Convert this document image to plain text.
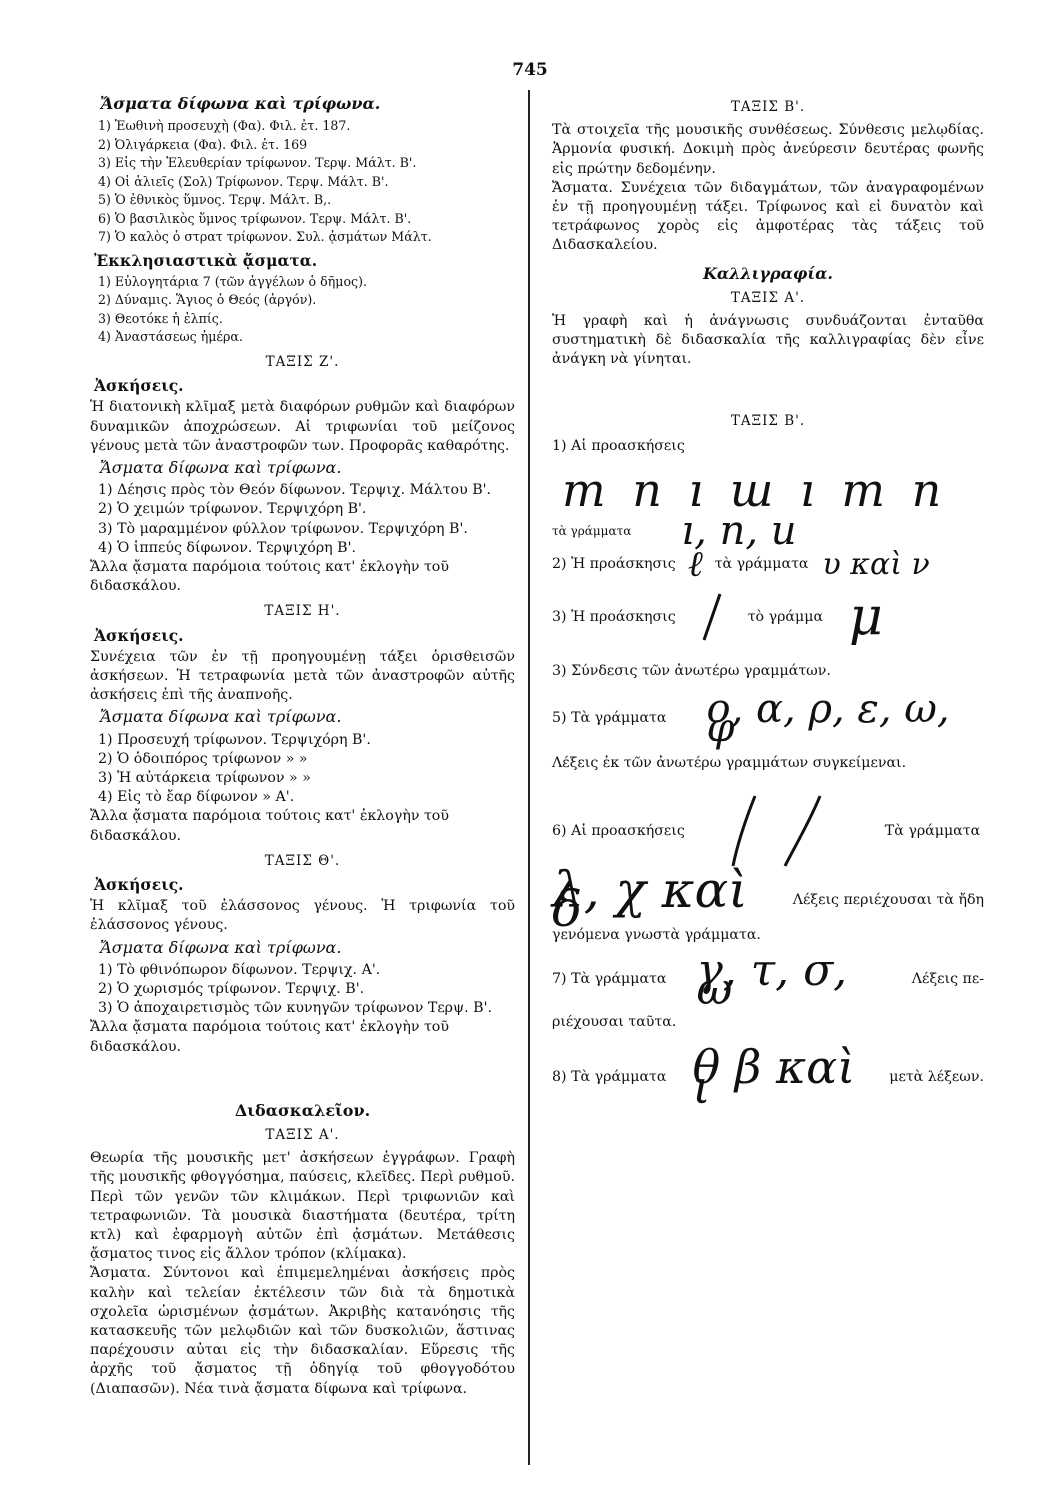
745
Ἄσματα δίφωνα καὶ τρίφωνα.
1) Ἑωθινὴ προσευχὴ (Φα). Φιλ. ἐτ. 187.
2) Ὀλιγάρκεια (Φα). Φιλ. ἐτ. 169
3) Εἰς τὴν Ἐλευθερίαν τρίφωνον. Τερψ. Μάλτ. Β'.
4) Οἱ ἁλιεῖς (Σολ) Τρίφωνον. Τερψ. Μάλτ. Β'.
5) Ὁ ἐθνικὸς ὕμνος. Τερψ. Μάλτ. Β,.
6) Ὁ βασιλικὸς ὕμνος τρίφωνον. Τερψ. Μάλτ. Β'.
7) Ὁ καλὸς ὁ στρατ τρίφωνον. Συλ. ᾀσμάτων Μάλτ.
Ἐκκλησιαστικὰ ᾄσματα.
1) Εὐλογητάρια 7 (τῶν ἀγγέλων ὁ δῆμος).
2) Δύναμις. Ἅγιος ὁ Θεός (ἀργόν).
3) Θεοτόκε ἡ ἐλπίς.
4) Ἀναστάσεως ἡμέρα.
ΤΑΞΙΣ Ζ'.
Ἀσκήσεις.
Ἡ διατονικὴ κλῖμαξ μετὰ διαφόρων ρυθμῶν καὶ διαφόρων δυναμικῶν ἀποχρώσεων. Αἱ τριφωνίαι τοῦ μείζονος γένους μετὰ τῶν ἀναστροφῶν των. Προφορᾶς καθαρότης.
Ἄσματα δίφωνα καὶ τρίφωνα.
1) Δέησις πρὸς τὸν Θεόν δίφωνον. Τερψιχ. Μάλτου Β'.
2) Ὁ χειμών τρίφωνον. Τερψιχόρη Β'.
3) Τὸ μαραμμένον φύλλον τρίφωνον. Τερψιχόρη Β'.
4) Ὁ ἱππεύς δίφωνον. Τερψιχόρη Β'.
Ἄλλα ᾄσματα παρόμοια τούτοις κατ' ἐκλογὴν τοῦ διδασκάλου.
ΤΑΞΙΣ Η'.
Ἀσκήσεις.
Συνέχεια τῶν ἐν τῇ προηγουμένῃ τάξει ὁρισθεισῶν ἀσκήσεων. Ἡ τετραφωνία μετὰ τῶν ἀναστροφῶν αὐτῆς ἀσκήσεις ἐπὶ τῆς ἀναπνοῆς.
Ἄσματα δίφωνα καὶ τρίφωνα.
1) Προσευχή τρίφωνον. Τερψιχόρη Β'.
2) Ὁ ὁδοιπόρος τρίφωνον » »
3) Ἡ αὐτάρκεια τρίφωνον » »
4) Εἰς τὸ ἔαρ δίφωνον » Α'.
Ἄλλα ᾄσματα παρόμοια τούτοις κατ' ἐκλογὴν τοῦ διδασκάλου.
ΤΑΞΙΣ Θ'.
Ἀσκήσεις.
Ἡ κλῖμαξ τοῦ ἐλάσσονος γένους. Ἡ τριφωνία τοῦ ἐλάσσονος γένους.
Ἄσματα δίφωνα καὶ τρίφωνα.
1) Τὸ φθινόπωρον δίφωνον. Τερψιχ. Α'.
2) Ὁ χωρισμός τρίφωνον. Τερψιχ. Β'.
3) Ὁ ἀποχαιρετισμὸς τῶν κυνηγῶν τρίφωνον Τερψ. Β'.
Ἄλλα ᾄσματα παρόμοια τούτοις κατ' ἐκλογὴν τοῦ διδασκάλου.
Διδασκαλεῖον.
ΤΑΞΙΣ Α'.
Θεωρία τῆς μουσικῆς μετ' ἀσκήσεων ἐγγράφων. Γραφὴ τῆς μουσικῆς φθογγόσημα, παύσεις, κλεῖδες. Περὶ ρυθμοῦ. Περὶ τῶν γενῶν τῶν κλιμάκων. Περὶ τριφωνιῶν καὶ τετραφωνιῶν. Τὰ μουσικὰ διαστήματα (δευτέρα, τρίτη κτλ) καὶ ἐφαρμογὴ αὐτῶν ἐπὶ ᾀσμάτων. Μετάθεσις ᾄσματος τινος εἰς ἄλλον τρόπον (κλίμακα).
Ἄσματα. Σύντονοι καὶ ἐπιμεμελημέναι ἀσκήσεις πρὸς καλὴν καὶ τελείαν ἐκτέλεσιν τῶν διὰ τὰ δημοτικὰ σχολεῖα ὡρισμένων ᾀσμάτων. Ἀκριβὴς κατανόησις τῆς κατασκευῆς τῶν μελῳδιῶν καὶ τῶν δυσκολιῶν, ἅστινας παρέχουσιν αὐται εἰς τὴν διδασκαλίαν. Εὕρεσις τῆς ἀρχῆς τοῦ ᾄσματος τῇ ὁδηγίᾳ τοῦ φθογγοδότου (Διαπασῶν). Νέα τινὰ ᾄσματα δίφωνα καὶ τρίφωνα.
ΤΑΞΙΣ Β'.
Τὰ στοιχεῖα τῆς μουσικῆς συνθέσεως. Σύνθεσις μελῳδίας. Ἁρμονία φυσική. Δοκιμὴ πρὸς ἀνεύρεσιν δευτέρας φωνῆς εἰς πρώτην δεδομένην.
Ἄσματα. Συνέχεια τῶν διδαγμάτων, τῶν ἀναγραφομένων ἐν τῇ προηγουμένῃ τάξει. Τρίφωνος καὶ εἰ δυνατὸν καὶ τετράφωνος χορὸς εἰς ἀμφοτέρας τὰς τάξεις τοῦ Διδασκαλείου.
Καλλιγραφία.
ΤΑΞΙΣ Α'.
Ἡ γραφὴ καὶ ἡ ἀνάγνωσις συνδυάζονται ἐνταῦθα συστηματικὴ δὲ διδασκαλία τῆς καλλιγραφίας δὲν εἶνε ἀνάγκη νὰ γίνηται.
ΤΑΞΙΣ Β'.
1) Αἱ προασκήσεις
m n ı ш ı m n
τὰ γράμματα ı, n, u
2) Ἡ προάσκησις ℓ τὰ γράμματα υ καὶ ν
3) Ἡ προάσκησις	τὸ γράμμα μ
3) Σύνδεσις τῶν ἀνωτέρω γραμμάτων.
5) Τὰ γράμματα ο, α, ρ, ε, ω, φ
Λέξεις ἐκ τῶν ἀνωτέρω γραμμάτων συγκείμεναι.
6) Αἱ προασκήσεις	Τὰ γράμματα
λ, χ καὶ δ	Λέξεις περιέχουσαι τὰ ἤδη
γενόμενα γνωστὰ γράμματα.
7) Τὰ γράμματα γ, τ, σ, ω	Λέξεις πε-
ριέχουσαι ταῦτα.
8) Τὰ γράμματα θ β καὶ ι	μετὰ λέξεων.
